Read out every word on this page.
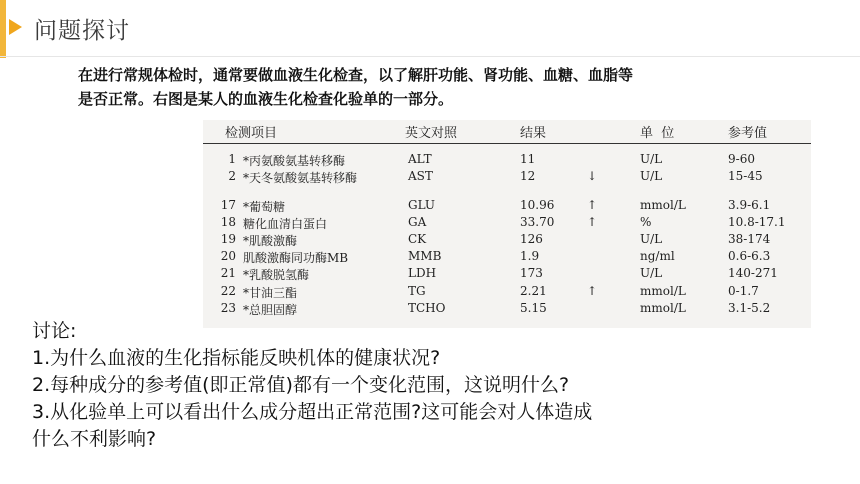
问题探讨
在进行常规体检时，通常要做血液生化检查，以了解肝功能、肾功能、血糖、血脂等
是否正常。右图是某人的血液生化检查化验单的一部分。
检测项目	英文对照	结果	单  位	参考值
1 *丙氨酸氨基转移酶	ALT	11	U/L	9-60
2 *天冬氨酸氨基转移酶	AST	12	↓	U/L	15-45
17 *葡萄糖	GLU	10.96	↑	mmol/L	3.9-6.1
18 糖化血清白蛋白	GA	33.70	↑	%	10.8-17.1
19 *肌酸激酶	CK	126	U/L	38-174
20 肌酸激酶同功酶MB	MMB	1.9	ng/ml	0.6-6.3
21 *乳酸脱氢酶	LDH	173	U/L	140-271
22 *甘油三酯	TG	2.21	↑	mmol/L	0-1.7
23 *总胆固醇	TCHO	5.15	mmol/L	3.1-5.2
讨论:
1.为什么血液的生化指标能反映机体的健康状况?
2.每种成分的参考值(即正常值)都有一个变化范围，这说明什么?
3.从化验单上可以看出什么成分超出正常范围?这可能会对人体造成
什么不利影响?
